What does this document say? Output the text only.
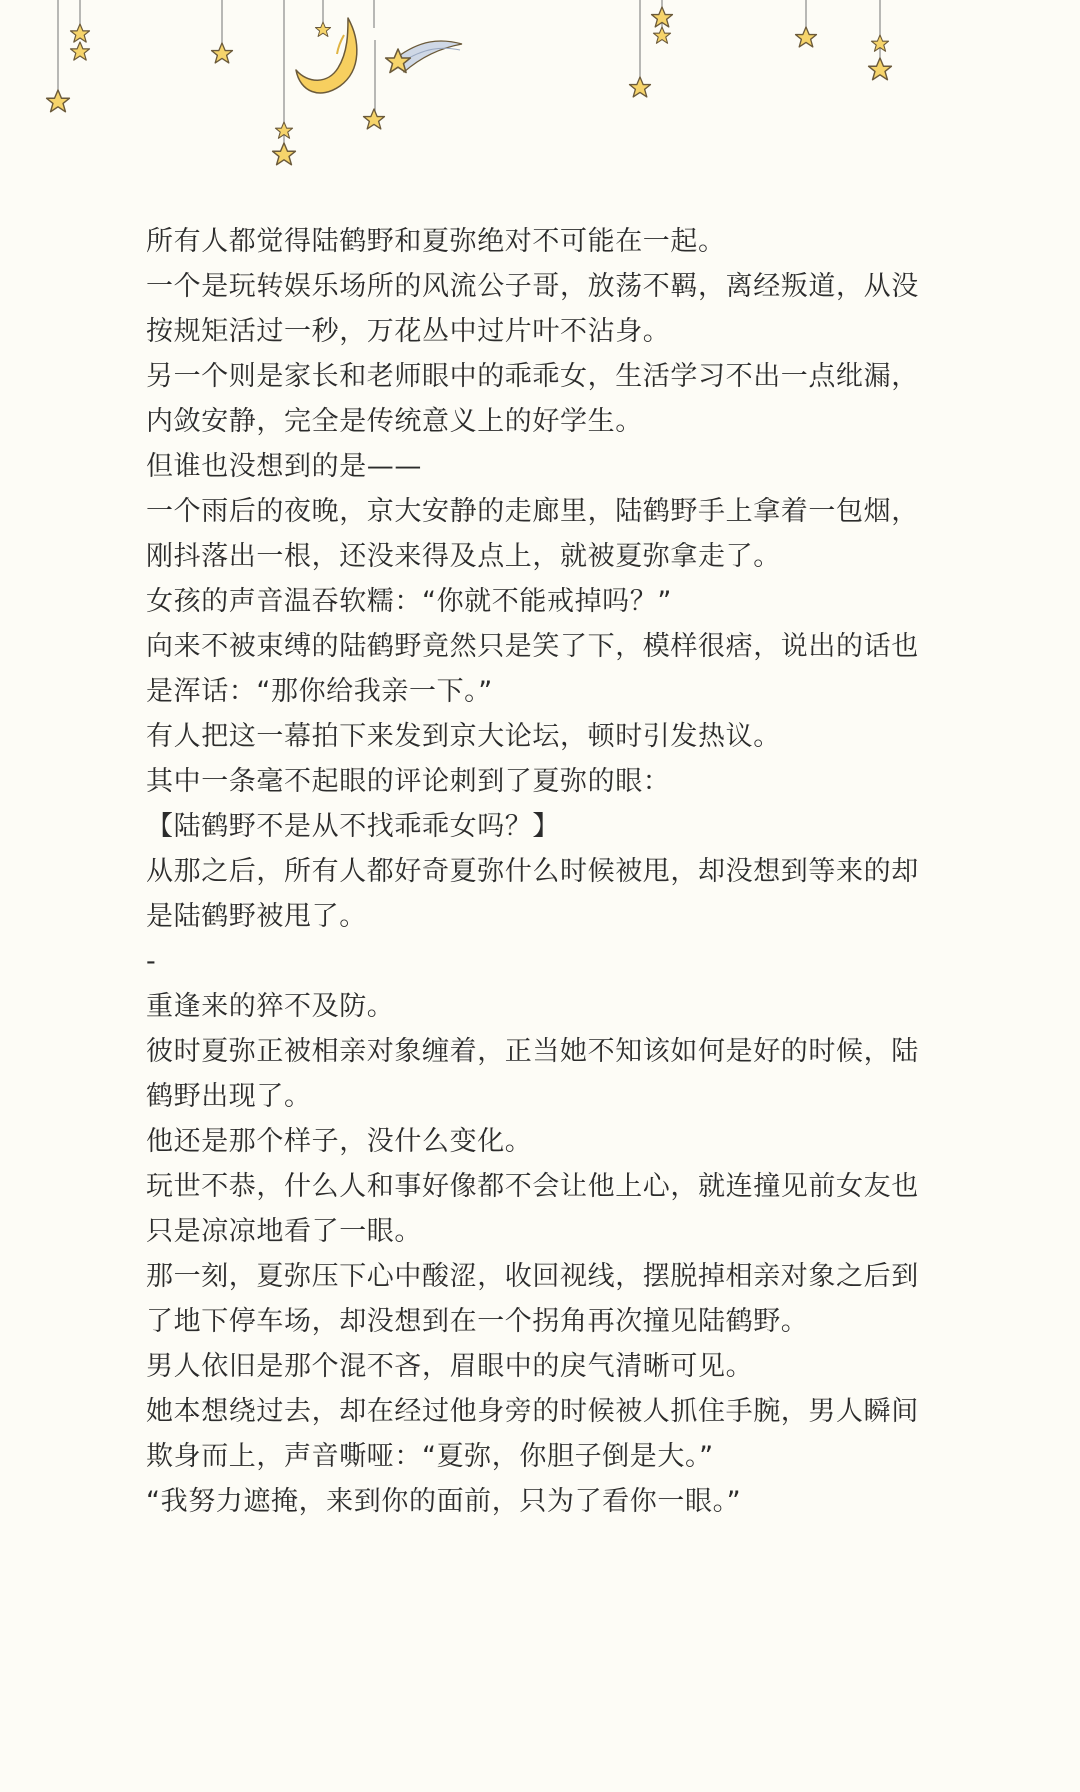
所有人都觉得陆鹤野和夏弥绝对不可能在一起。

一个是玩转娱乐场所的风流公子哥，放荡不羁，离经叛道，从没
按规矩活过一秒，万花丛中过片叶不沾身。

另一个则是家长和老师眼中的乖乖女，生活学习不出一点纰漏，
内敛安静，完全是传统意义上的好学生。

但谁也没想到的是——

一个雨后的夜晚，京大安静的走廊里，陆鹤野手上拿着一包烟，
刚抖落出一根，还没来得及点上，就被夏弥拿走了。

女孩的声音温吞软糯：“你就不能戒掉吗？”

向来不被束缚的陆鹤野竟然只是笑了下，模样很痞，说出的话也
是浑话：“那你给我亲一下。”

有人把这一幕拍下来发到京大论坛，顿时引发热议。

其中一条毫不起眼的评论刺到了夏弥的眼：

【陆鹤野不是从不找乖乖女吗？】

从那之后，所有人都好奇夏弥什么时候被甩，却没想到等来的却
是陆鹤野被甩了。

-

重逢来的猝不及防。

彼时夏弥正被相亲对象缠着，正当她不知该如何是好的时候，陆
鹤野出现了。

他还是那个样子，没什么变化。

玩世不恭，什么人和事好像都不会让他上心，就连撞见前女友也
只是凉凉地看了一眼。

那一刻，夏弥压下心中酸涩，收回视线，摆脱掉相亲对象之后到
了地下停车场，却没想到在一个拐角再次撞见陆鹤野。

男人依旧是那个混不吝，眉眼中的戾气清晰可见。

她本想绕过去，却在经过他身旁的时候被人抓住手腕，男人瞬间
欺身而上，声音嘶哑：“夏弥，你胆子倒是大。”

“我努力遮掩，来到你的面前，只为了看你一眼。”
